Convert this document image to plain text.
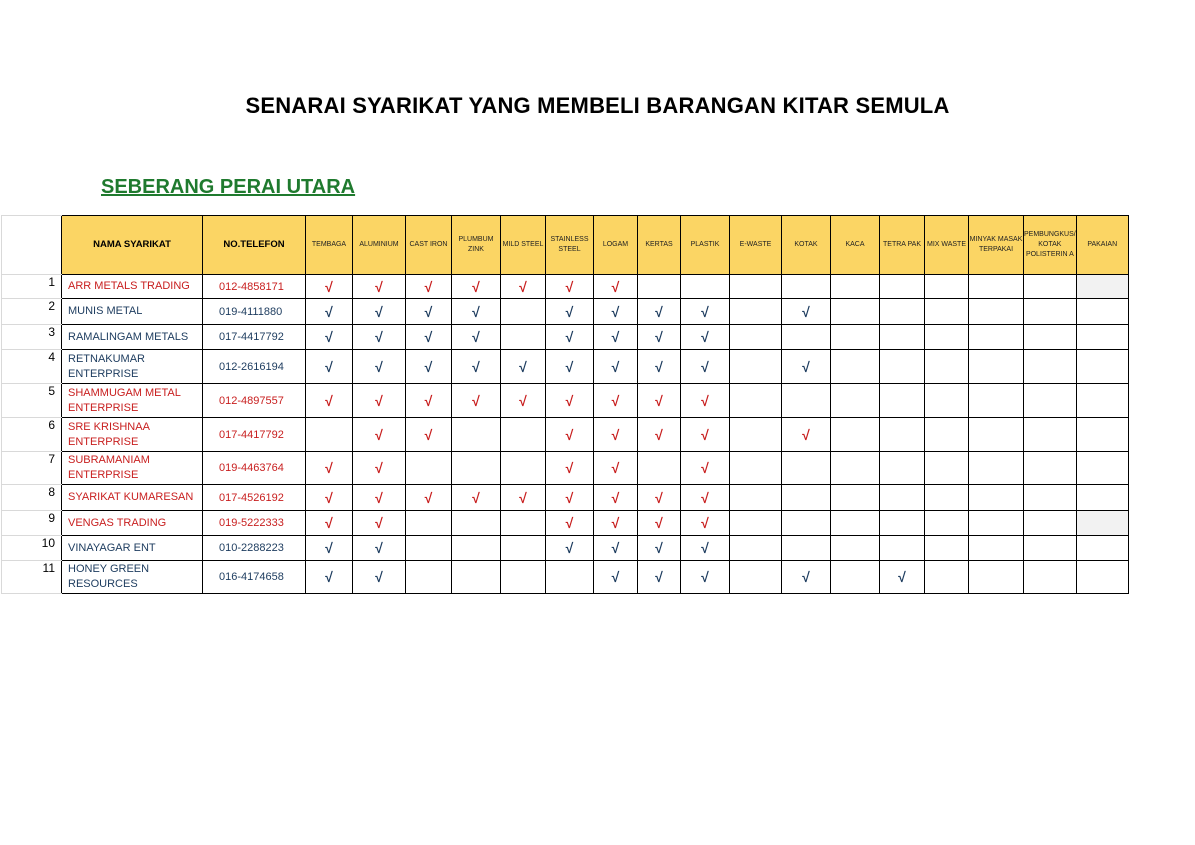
SENARAI SYARIKAT YANG MEMBELI BARANGAN KITAR SEMULA
SEBERANG PERAI UTARA
	NAMA SYARIKAT	NO.TELEFON	TEMBAGA	ALUMINIUM	CAST IRON	PLUMBUM ZINK	MILD STEEL	STAINLESS STEEL	LOGAM	KERTAS	PLASTIK	E-WASTE	KOTAK	KACA	TETRA PAK	MIX WASTE	MINYAK MASAK TERPAKAI	PEMBUNGKUS/ KOTAK POLISTERIN A	PAKAIAN
1	ARR METALS TRADING	012-4858171	√	√	√	√	√	√	√										
2	MUNIS METAL	019-4111880	√	√	√	√		√	√	√	√		√						
3	RAMALINGAM METALS	017-4417792	√	√	√	√		√	√	√	√								
4	RETNAKUMAR ENTERPRISE	012-2616194	√	√	√	√	√	√	√	√	√		√						
5	SHAMMUGAM METAL ENTERPRISE	012-4897557	√	√	√	√	√	√	√	√	√								
6	SRE KRISHNAA ENTERPRISE	017-4417792		√	√			√	√	√	√		√						
7	SUBRAMANIAM ENTERPRISE	019-4463764	√	√				√	√		√								
8	SYARIKAT KUMARESAN	017-4526192	√	√	√	√	√	√	√	√	√								
9	VENGAS TRADING	019-5222333	√	√				√	√	√	√								
10	VINAYAGAR ENT	010-2288223	√	√				√	√	√	√								
11	HONEY GREEN RESOURCES	016-4174658	√	√					√	√	√		√		√				
